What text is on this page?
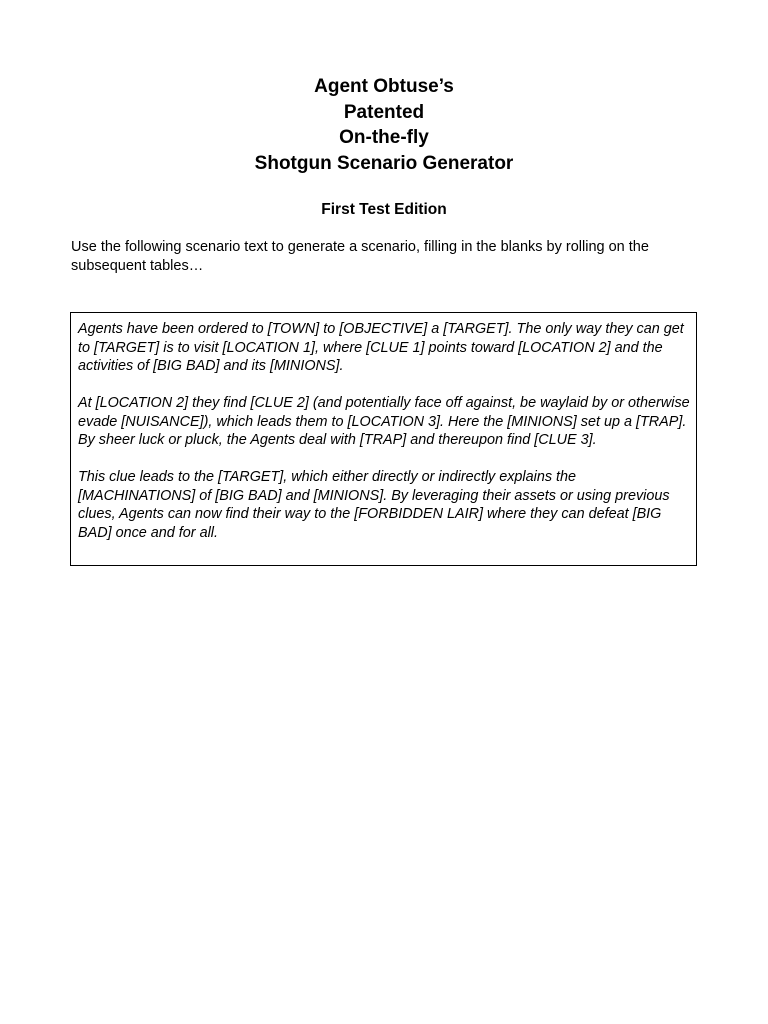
Agent Obtuse’s
Patented
On-the-fly
Shotgun Scenario Generator
First Test Edition
Use the following scenario text to generate a scenario, filling in the blanks by rolling on the subsequent tables…

Agents have been ordered to [TOWN] to [OBJECTIVE] a [TARGET]. The only way they can get to [TARGET] is to visit [LOCATION 1], where [CLUE 1] points toward [LOCATION 2] and the activities of [BIG BAD] and its [MINIONS].

At [LOCATION 2] they find [CLUE 2] (and potentially face off against, be waylaid by or otherwise evade [NUISANCE]), which leads them to [LOCATION 3]. Here the [MINIONS] set up a [TRAP]. By sheer luck or pluck, the Agents deal with [TRAP] and thereupon find [CLUE 3].

This clue leads to the [TARGET], which either directly or indirectly explains the [MACHINATIONS] of [BIG BAD] and [MINIONS]. By leveraging their assets or using previous clues, Agents can now find their way to the [FORBIDDEN LAIR] where they can defeat [BIG BAD] once and for all.
